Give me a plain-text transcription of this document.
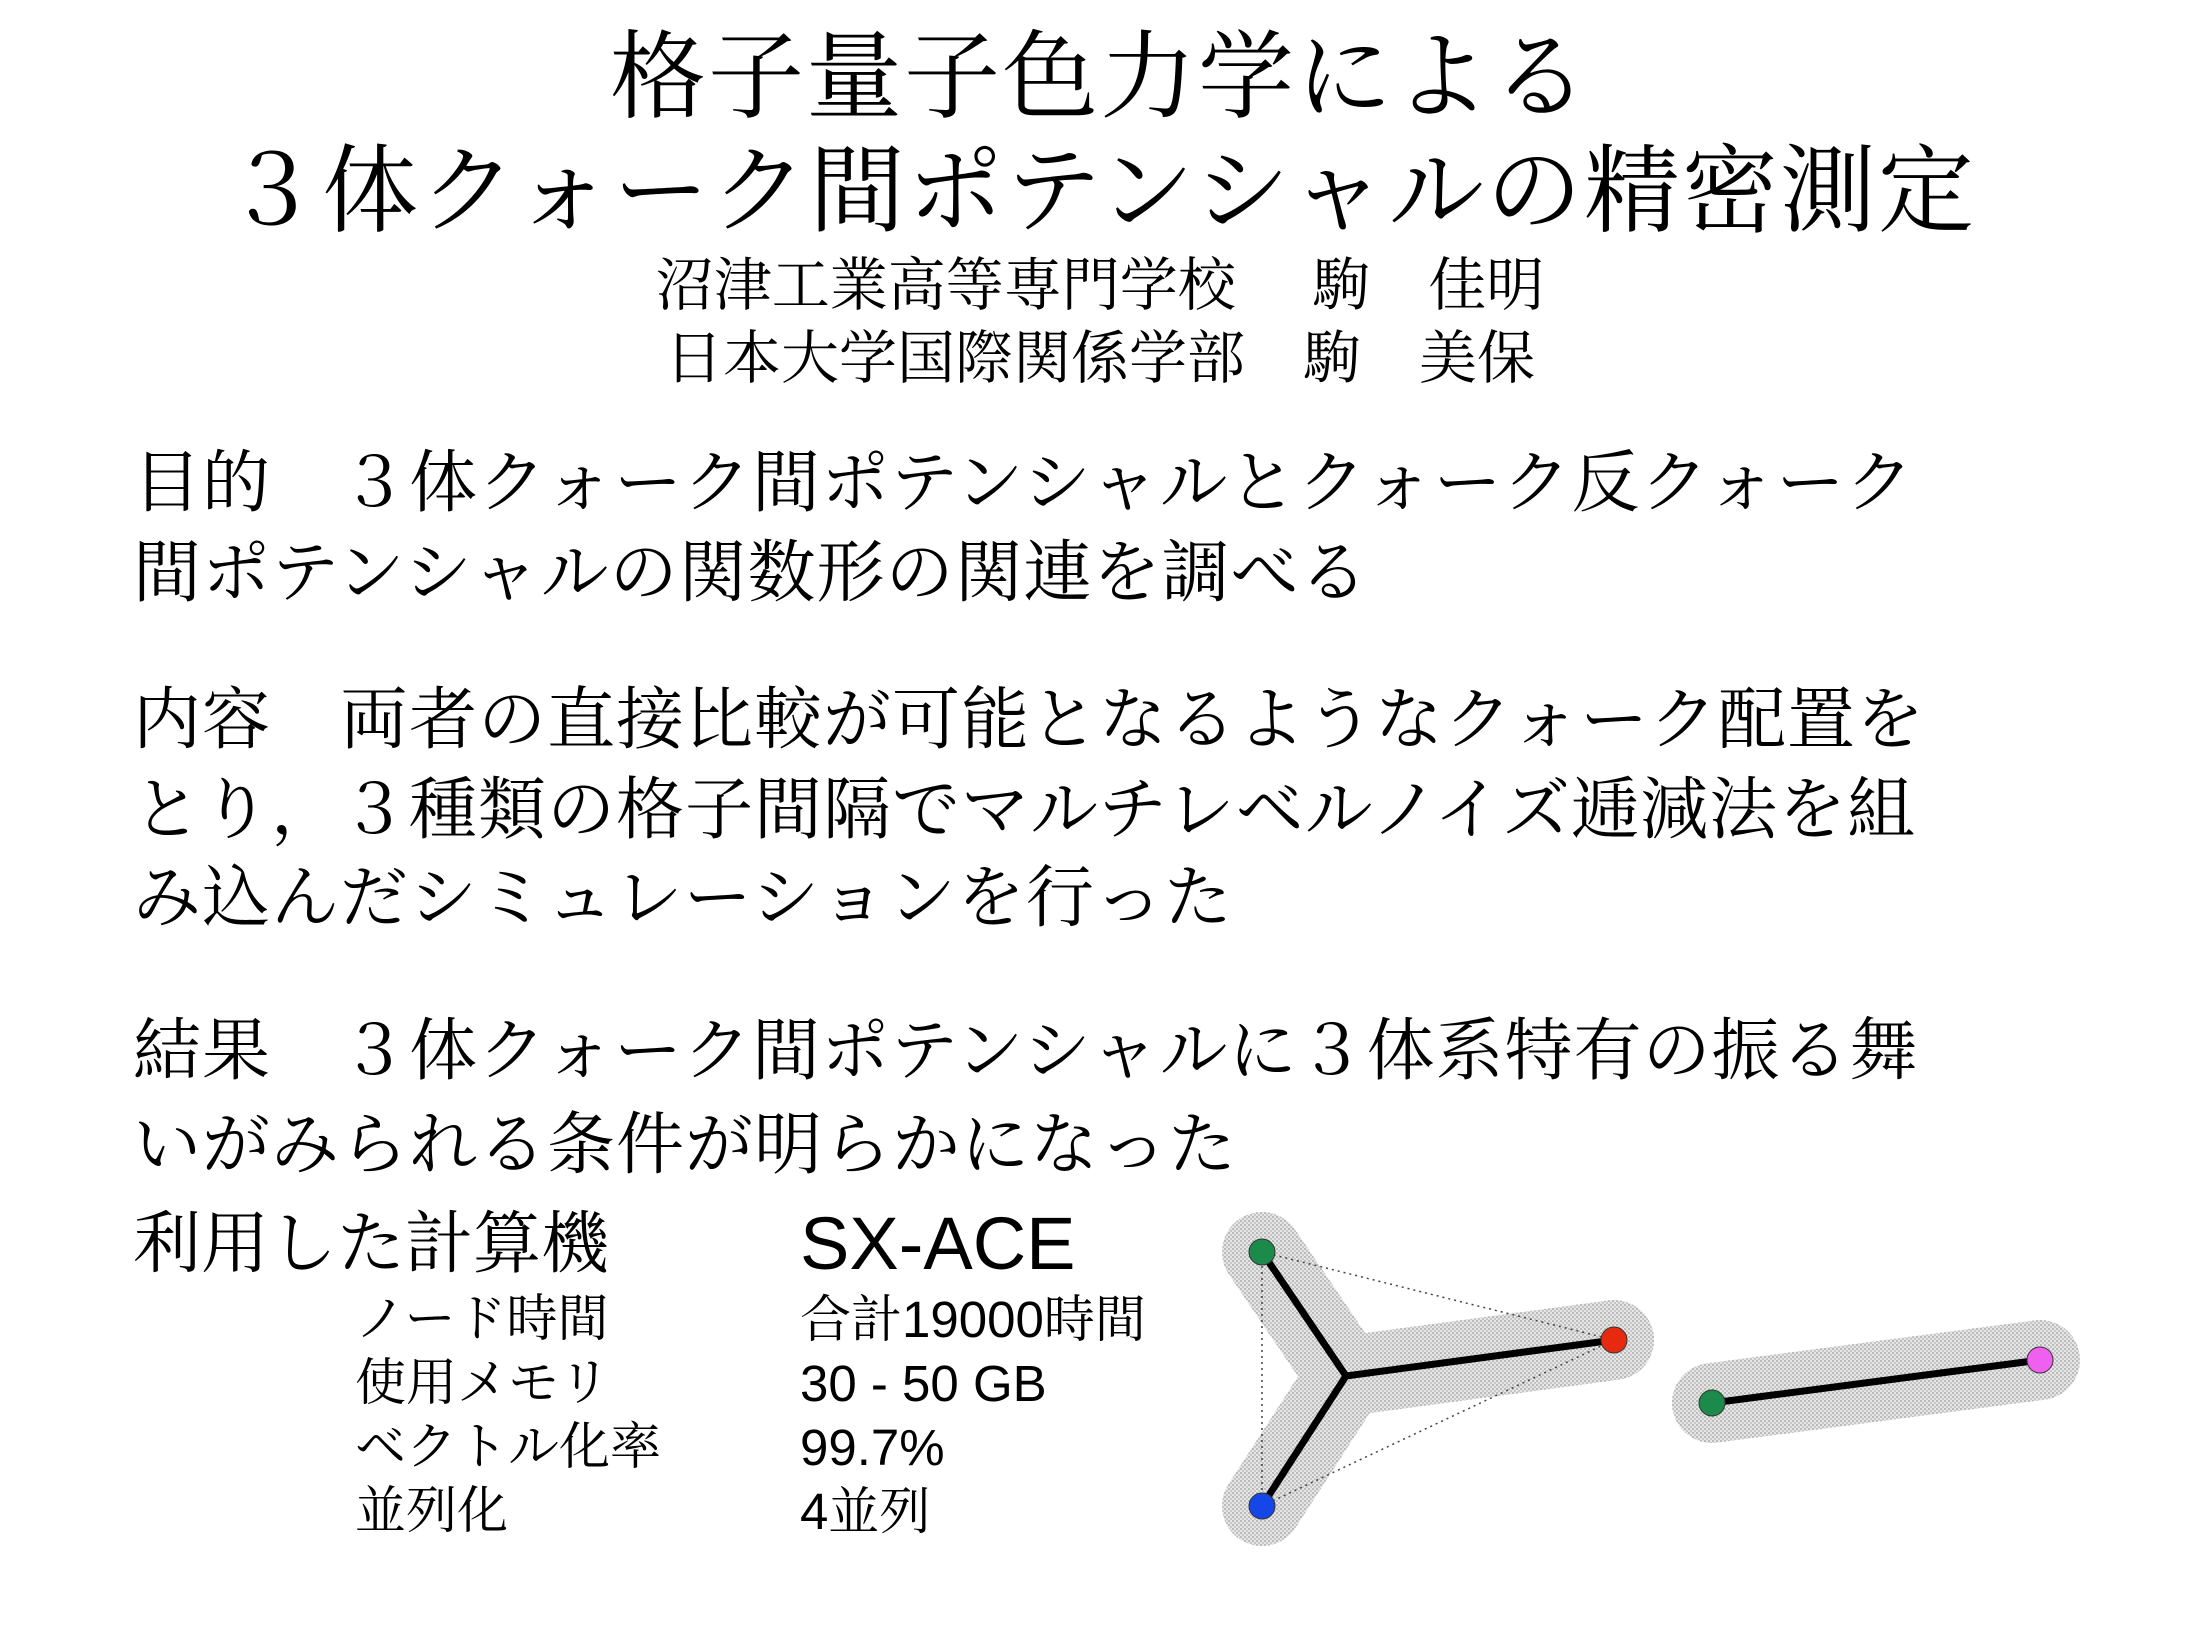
格子量子色力学による
３体クォーク間ポテンシャルの精密測定
沼津工業高等専門学校　 駒　佳明
日本大学国際関係学部　駒　美保
目的　３体クォーク間ポテンシャルとクォーク反クォーク
間ポテンシャルの関数形の関連を調べる
内容　両者の直接比較が可能となるようなクォーク配置を
とり，３種類の格子間隔でマルチレベルノイズ逓減法を組
み込んだシミュレーションを行った
結果　３体クォーク間ポテンシャルに３体系特有の振る舞
いがみられる条件が明らかになった
利用した計算機	SX-ACE
ノード時間	合計19000時間
使用メモリ	30 - 50 GB
ベクトル化率	99.7%
並列化	4並列
